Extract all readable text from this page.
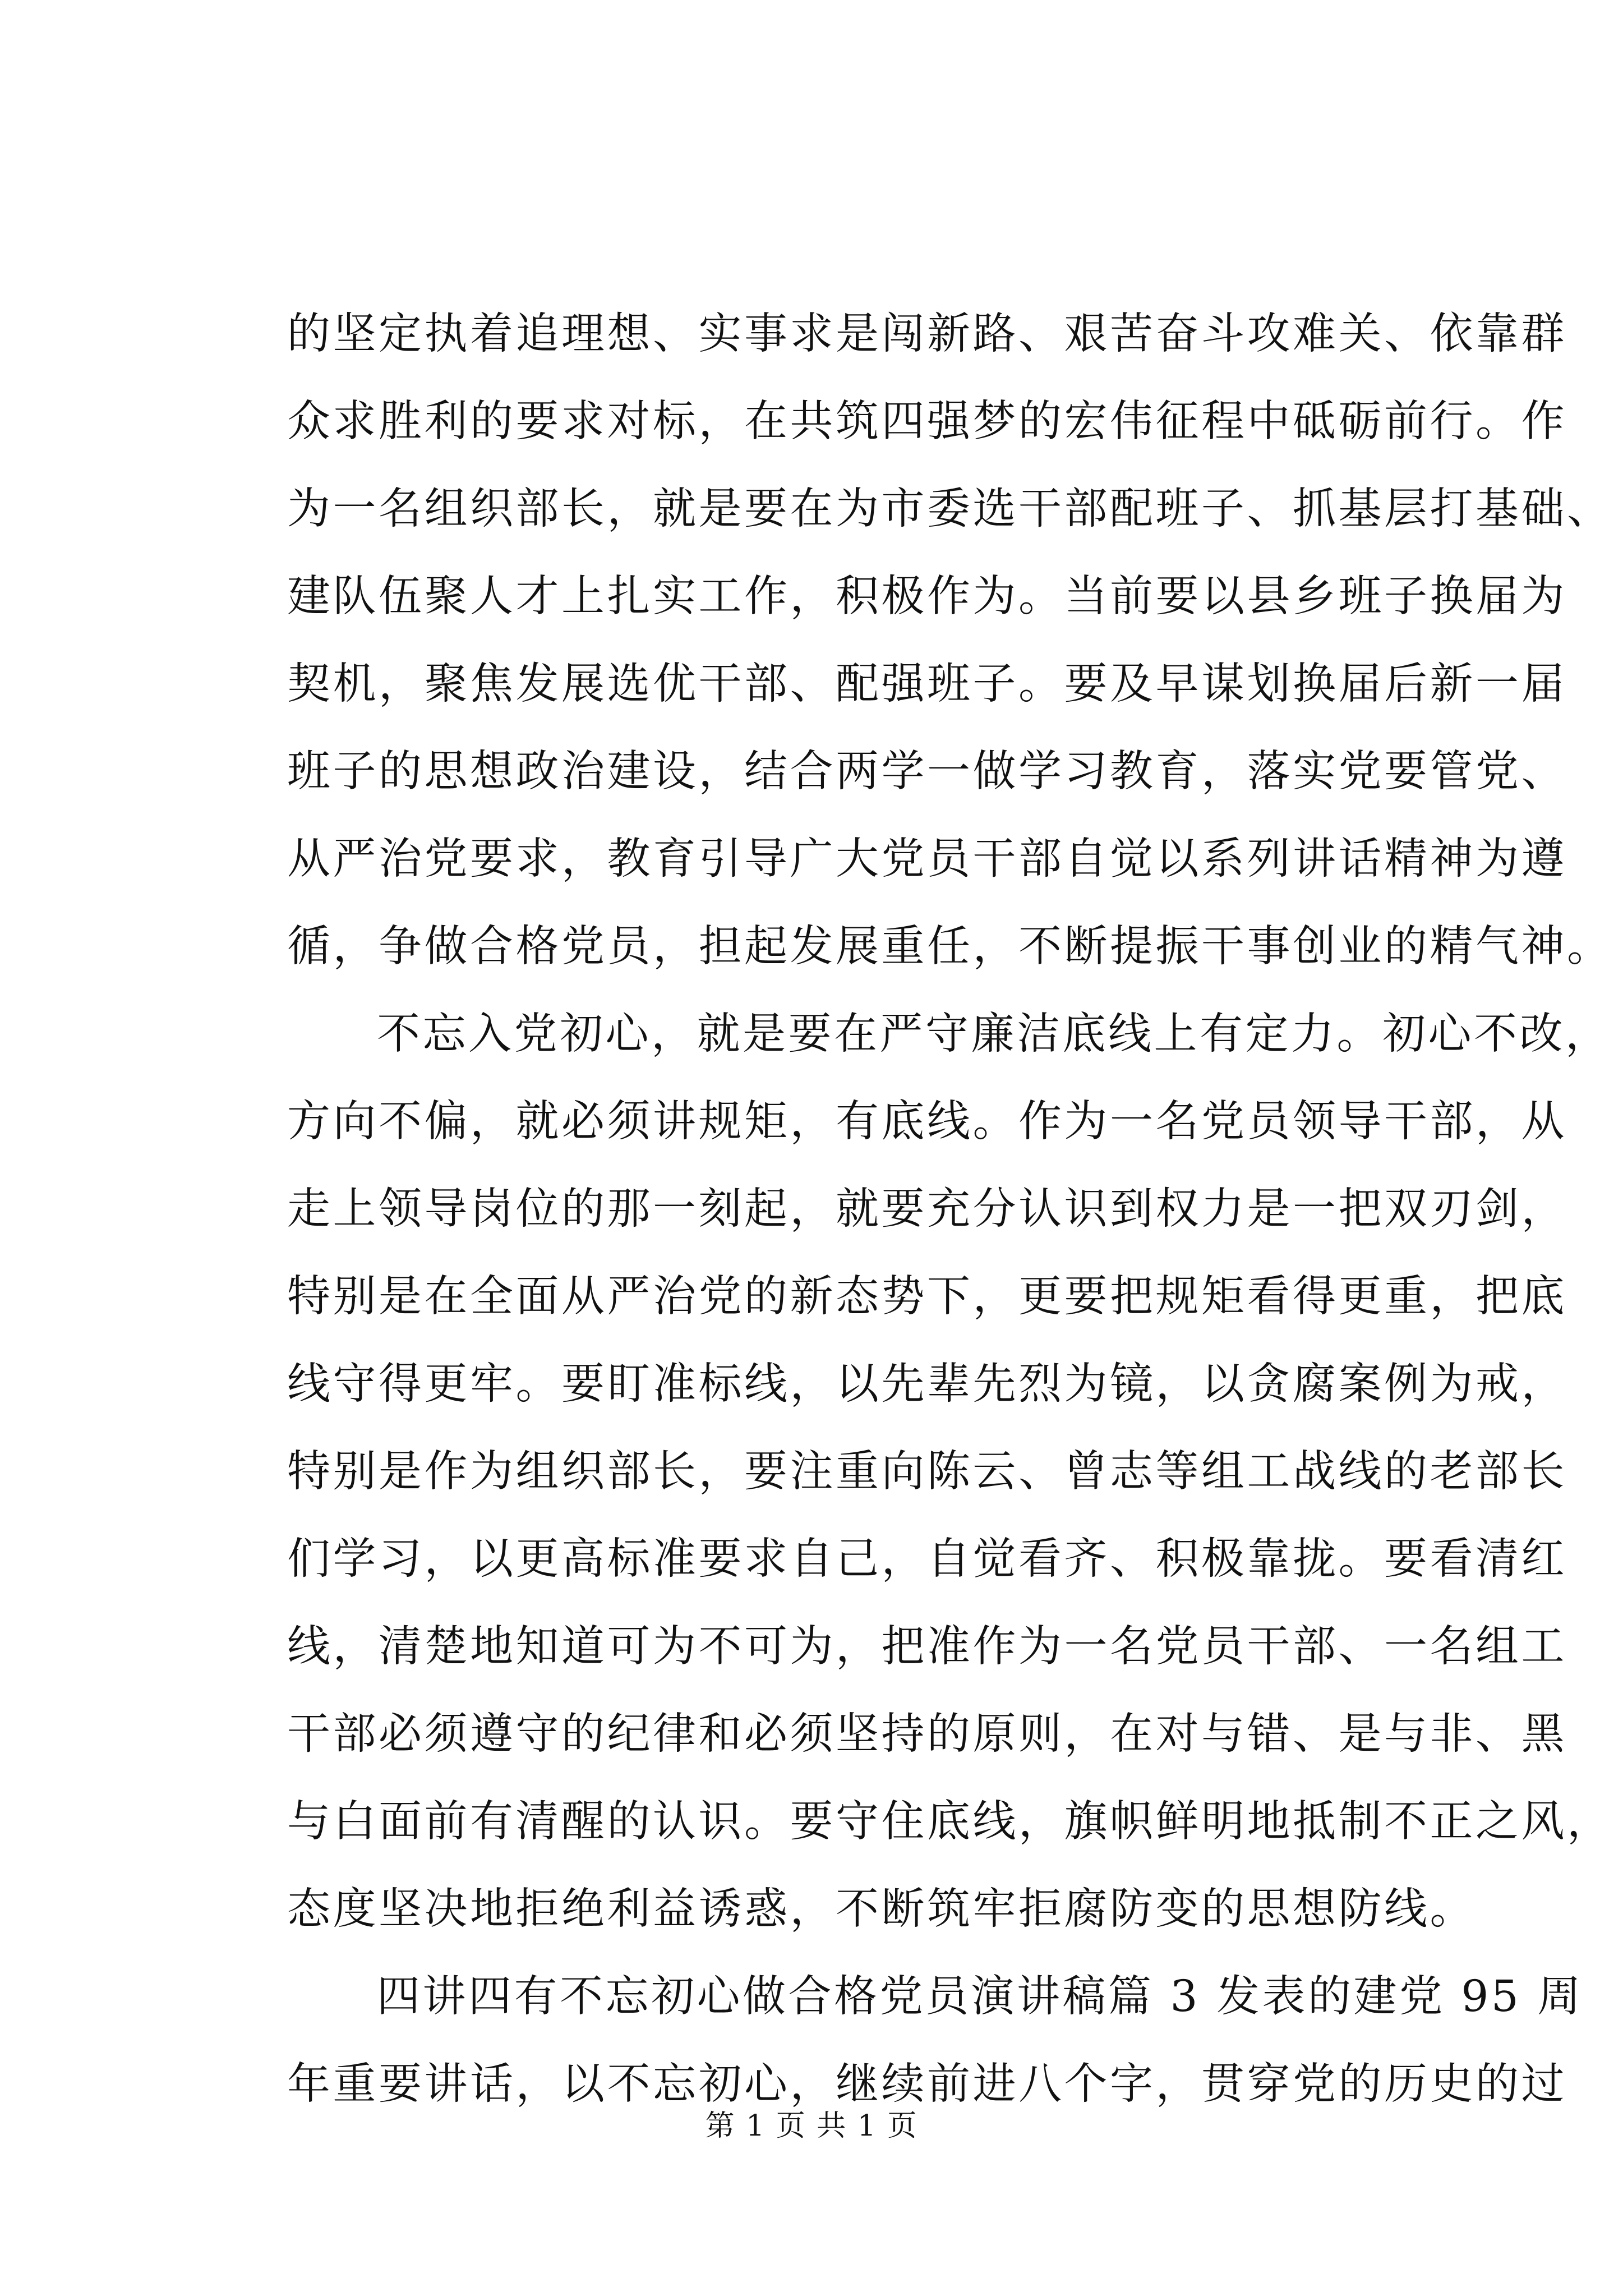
的坚定执着追理想、实事求是闯新路、艰苦奋斗攻难关、依靠群
众求胜利的要求对标，在共筑四强梦的宏伟征程中砥砺前行。作
为一名组织部长，就是要在为市委选干部配班子、抓基层打基础、
建队伍聚人才上扎实工作，积极作为。当前要以县乡班子换届为
契机，聚焦发展选优干部、配强班子。要及早谋划换届后新一届
班子的思想政治建设，结合两学一做学习教育，落实党要管党、
从严治党要求，教育引导广大党员干部自觉以系列讲话精神为遵
循，争做合格党员，担起发展重任，不断提振干事创业的精气神。
不忘入党初心，就是要在严守廉洁底线上有定力。初心不改，
方向不偏，就必须讲规矩，有底线。作为一名党员领导干部，从
走上领导岗位的那一刻起，就要充分认识到权力是一把双刃剑，
特别是在全面从严治党的新态势下，更要把规矩看得更重，把底
线守得更牢。要盯准标线，以先辈先烈为镜，以贪腐案例为戒，
特别是作为组织部长，要注重向陈云、曾志等组工战线的老部长
们学习，以更高标准要求自己，自觉看齐、积极靠拢。要看清红
线，清楚地知道可为不可为，把准作为一名党员干部、一名组工
干部必须遵守的纪律和必须坚持的原则，在对与错、是与非、黑
与白面前有清醒的认识。要守住底线，旗帜鲜明地抵制不正之风，
态度坚决地拒绝利益诱惑，不断筑牢拒腐防变的思想防线。
四讲四有不忘初心做合格党员演讲稿篇 3 发表的建党 95 周
年重要讲话，以不忘初心，继续前进八个字，贯穿党的历史的过
第 1 页 共 1 页
